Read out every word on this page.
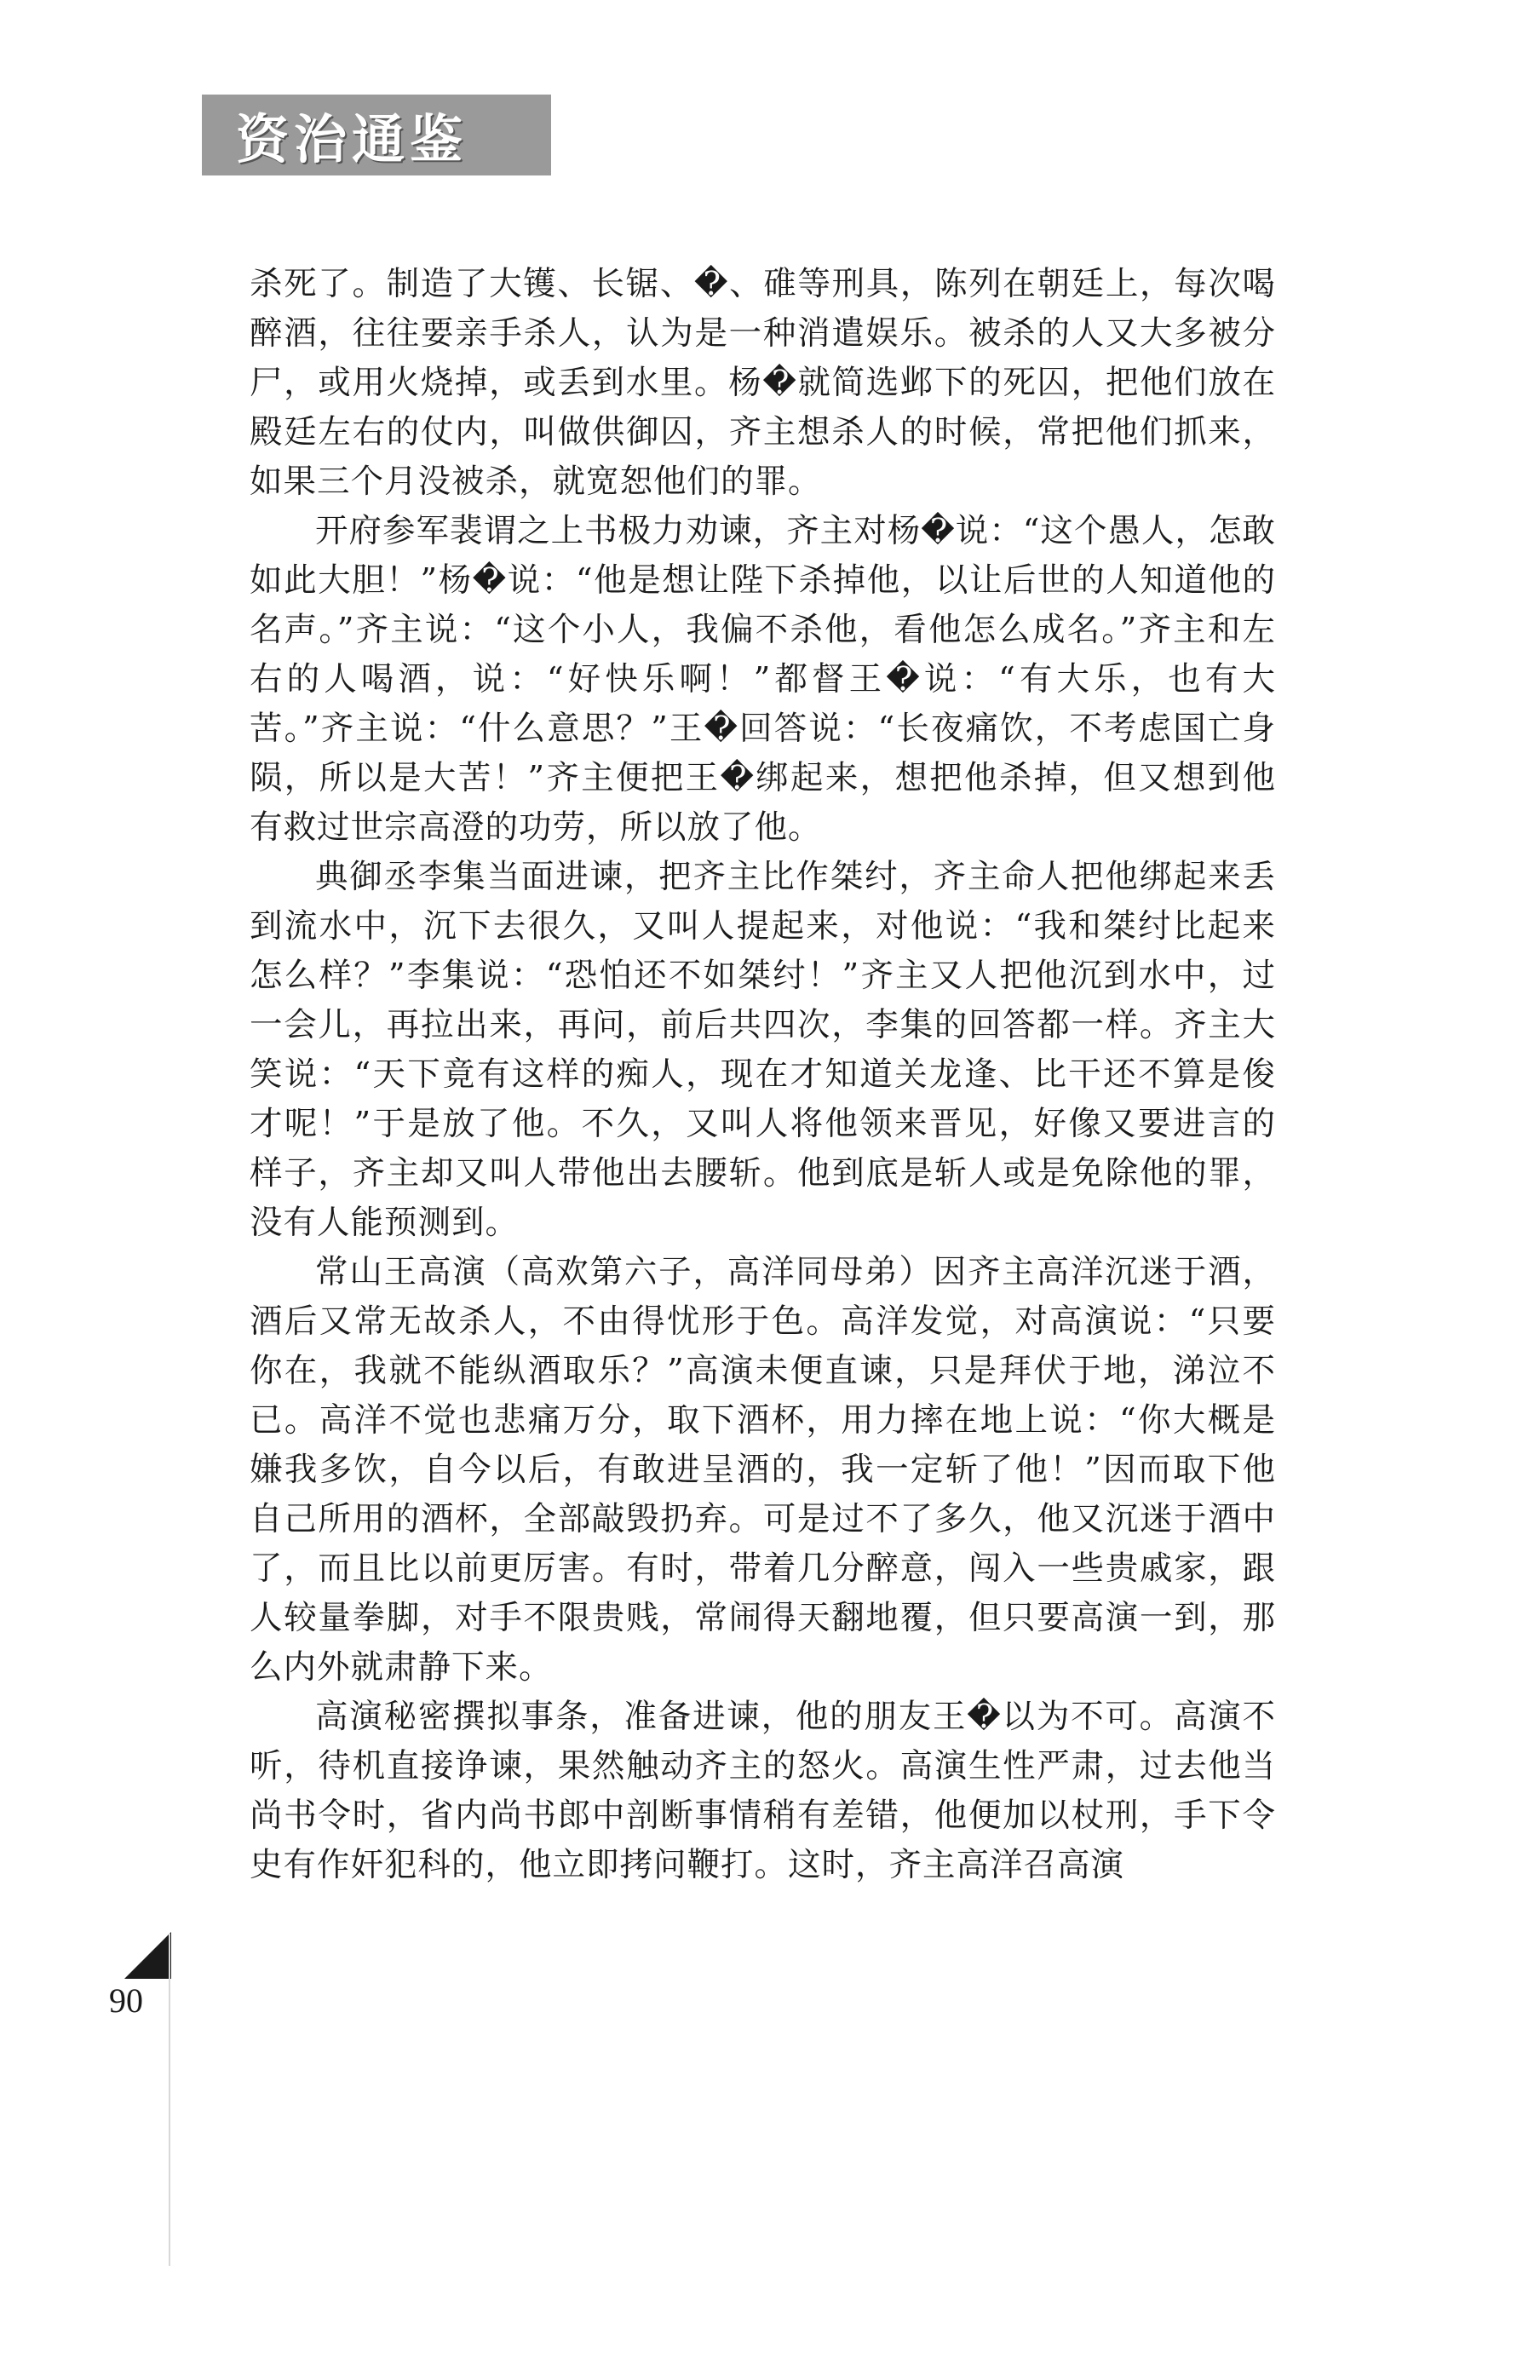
资治通鉴

杀死了。制造了大镬、长锯、�、碓等刑具，陈列在朝廷上，每次喝醉酒，往往要亲手杀人，认为是一种消遣娱乐。被杀的人又大多被分尸，或用火烧掉，或丢到水里。杨�就简选邺下的死囚，把他们放在殿廷左右的仗内，叫做供御囚，齐主想杀人的时候，常把他们抓来，如果三个月没被杀，就宽恕他们的罪。

开府参军裴谓之上书极力劝谏，齐主对杨�说：“这个愚人，怎敢如此大胆！”杨�说：“他是想让陛下杀掉他，以让后世的人知道他的名声。”齐主说：“这个小人，我偏不杀他，看他怎么成名。”齐主和左右的人喝酒，说：“好快乐啊！”都督王�说：“有大乐，也有大苦。”齐主说：“什么意思？”王�回答说：“长夜痛饮，不考虑国亡身陨，所以是大苦！”齐主便把王�绑起来，想把他杀掉，但又想到他有救过世宗高澄的功劳，所以放了他。

典御丞李集当面进谏，把齐主比作桀纣，齐主命人把他绑起来丢到流水中，沉下去很久，又叫人提起来，对他说：“我和桀纣比起来怎么样？”李集说：“恐怕还不如桀纣！”齐主又人把他沉到水中，过一会儿，再拉出来，再问，前后共四次，李集的回答都一样。齐主大笑说：“天下竟有这样的痴人，现在才知道关龙逢、比干还不算是俊才呢！”于是放了他。不久，又叫人将他领来晋见，好像又要进言的样子，齐主却又叫人带他出去腰斩。他到底是斩人或是免除他的罪，没有人能预测到。

常山王高演（高欢第六子，高洋同母弟）因齐主高洋沉迷于酒，酒后又常无故杀人，不由得忧形于色。高洋发觉，对高演说：“只要你在，我就不能纵酒取乐？”高演未便直谏，只是拜伏于地，涕泣不已。高洋不觉也悲痛万分，取下酒杯，用力摔在地上说：“你大概是嫌我多饮，自今以后，有敢进呈酒的，我一定斩了他！”因而取下他自己所用的酒杯，全部敲毁扔弃。可是过不了多久，他又沉迷于酒中了，而且比以前更厉害。有时，带着几分醉意，闯入一些贵戚家，跟人较量拳脚，对手不限贵贱，常闹得天翻地覆，但只要高演一到，那么内外就肃静下来。

高演秘密撰拟事条，准备进谏，他的朋友王�以为不可。高演不听，待机直接诤谏，果然触动齐主的怒火。高演生性严肃，过去他当尚书令时，省内尚书郎中剖断事情稍有差错，他便加以杖刑，手下令史有作奸犯科的，他立即拷问鞭打。这时，齐主高洋召高演

90
